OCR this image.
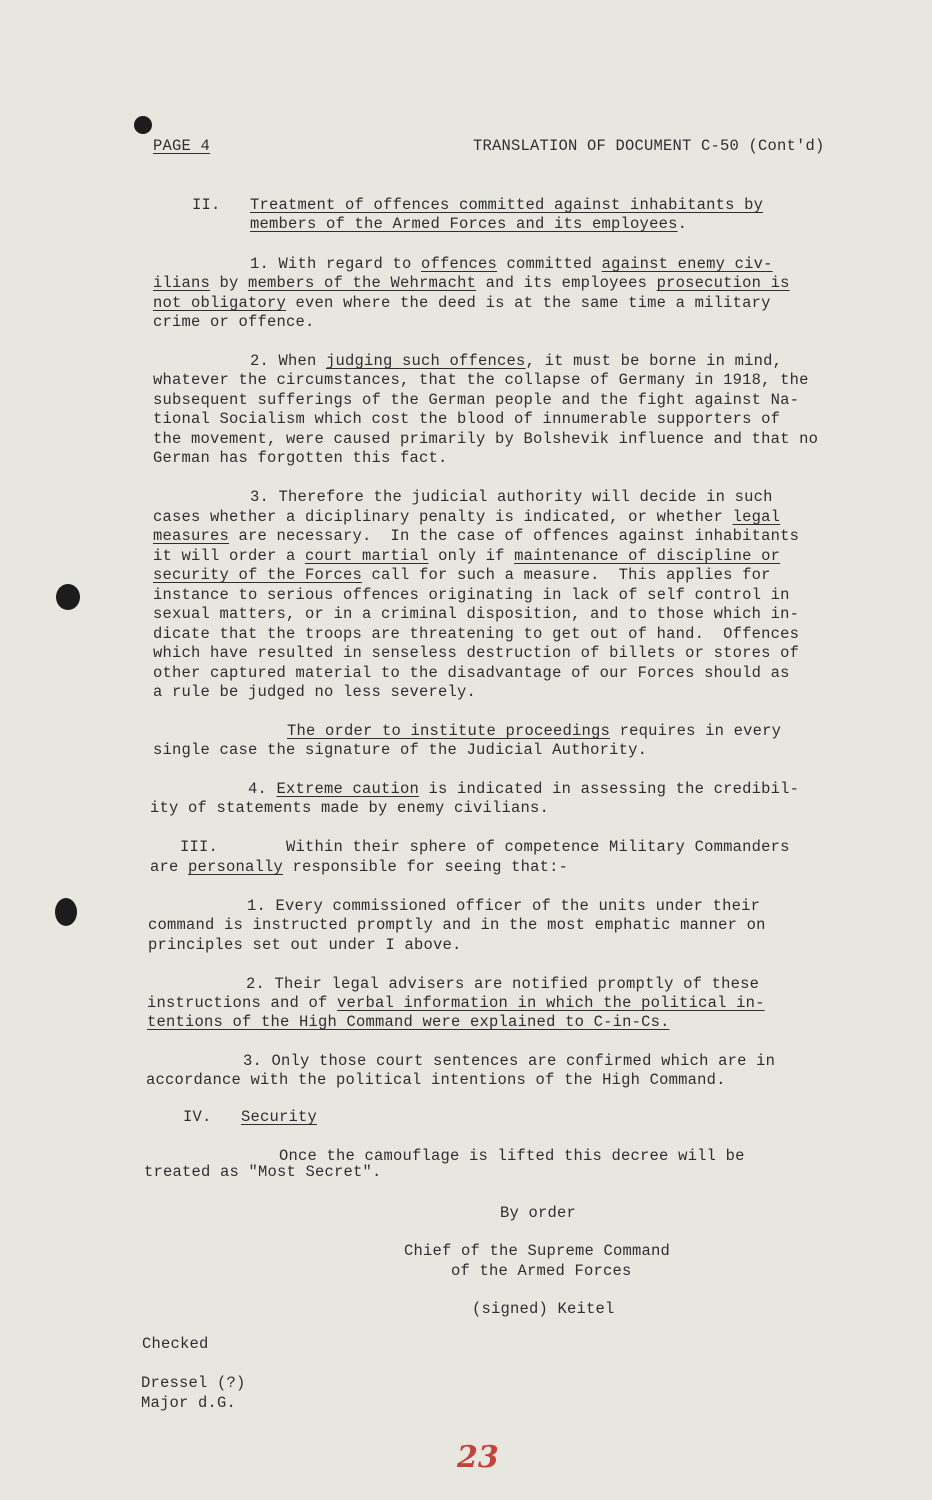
PAGE 4	TRANSLATION OF DOCUMENT C-50 (Cont'd)
II. Treatment of offences committed against inhabitants by
members of the Armed Forces and its employees.
1. With regard to offences committed against enemy civ-
ilians by members of the Wehrmacht and its employees prosecution is
not obligatory even where the deed is at the same time a military
crime or offence.
2. When judging such offences, it must be borne in mind,
whatever the circumstances, that the collapse of Germany in 1918, the
subsequent sufferings of the German people and the fight against Na-
tional Socialism which cost the blood of innumerable supporters of
the movement, were caused primarily by Bolshevik influence and that no
German has forgotten this fact.
3. Therefore the judicial authority will decide in such
cases whether a diciplinary penalty is indicated, or whether legal
measures are necessary.  In the case of offences against inhabitants
it will order a court martial only if maintenance of discipline or
security of the Forces call for such a measure.  This applies for
instance to serious offences originating in lack of self control in
sexual matters, or in a criminal disposition, and to those which in-
dicate that the troops are threatening to get out of hand.  Offences
which have resulted in senseless destruction of billets or stores of
other captured material to the disadvantage of our Forces should as
a rule be judged no less severely.
The order to institute proceedings requires in every
single case the signature of the Judicial Authority.
4. Extreme caution is indicated in assessing the credibil-
ity of statements made by enemy civilians.
III.	Within their sphere of competence Military Commanders
are personally responsible for seeing that:-
1. Every commissioned officer of the units under their
command is instructed promptly and in the most emphatic manner on
principles set out under I above.
2. Their legal advisers are notified promptly of these
instructions and of verbal information in which the political in-
tentions of the High Command were explained to C-in-Cs.
3. Only those court sentences are confirmed which are in
accordance with the political intentions of the High Command.
IV. Security
Once the camouflage is lifted this decree will be
treated as "Most Secret".
By order
Chief of the Supreme Command
of the Armed Forces
(signed) Keitel
Checked
Dressel (?)
Major d.G.
23
